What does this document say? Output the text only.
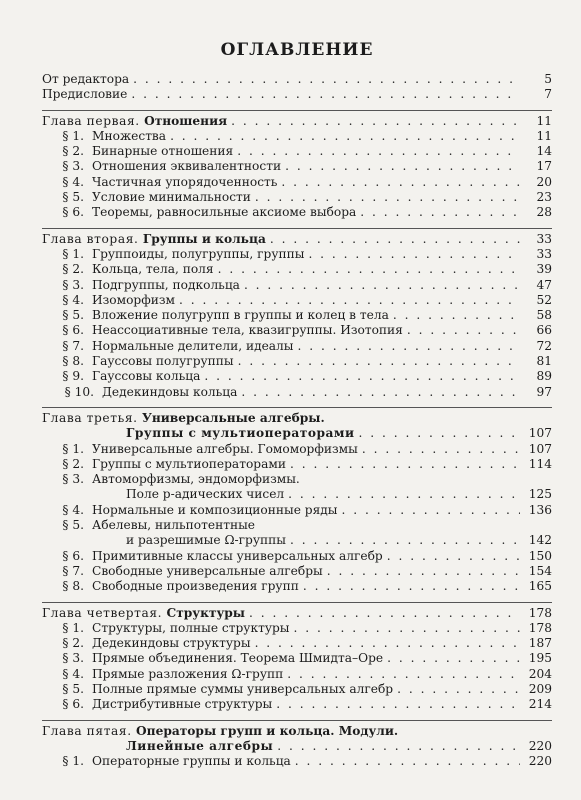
ОГЛАВЛЕНИЕ
От редактора . . .	5
Предисловие . . .	7
Глава первая. Отношения . . .	11
§ 1. Множества . . .	11
§ 2. Бинарные отношения . . .	14
§ 3. Отношения эквивалентности . . .	17
§ 4. Частичная упорядоченность . . .	20
§ 5. Условие минимальности . . .	23
§ 6. Теоремы, равносильные аксиоме выбора . . .	28
Глава вторая. Группы и кольца . . .	33
§ 1. Группоиды, полугруппы, группы . . .	33
§ 2. Кольца, тела, поля . . .	39
§ 3. Подгруппы, подкольца . . .	47
§ 4. Изоморфизм . . .	52
§ 5. Вложение полугрупп в группы и колец в тела . . .	58
§ 6. Неассоциативные тела, квазигруппы. Изотопия . . .	66
§ 7. Нормальные делители, идеалы . . .	72
§ 8. Гауссовы полугруппы . . .	81
§ 9. Гауссовы кольца . . .	89
§ 10. Дедекиндовы кольца . . .	97
Глава третья. Универсальные алгебры.
Группы с мультиоператорами . . .	107
§ 1. Универсальные алгебры. Гомоморфизмы . . .	107
§ 2. Группы с мультиоператорами . . .	114
§ 3. Автоморфизмы, эндоморфизмы.
Поле p-адических чисел . . .	125
§ 4. Нормальные и композиционные ряды . . .	136
§ 5. Абелевы, нильпотентные
и разрешимые Ω-группы . . .	142
§ 6. Примитивные классы универсальных алгебр . . .	150
§ 7. Свободные универсальные алгебры . . .	154
§ 8. Свободные произведения групп . . .	165
Глава четвертая. Структуры . . .	178
§ 1. Структуры, полные структуры . . .	178
§ 2. Дедекиндовы структуры . . .	187
§ 3. Прямые объединения. Теорема Шмидта–Оре . . .	195
§ 4. Прямые разложения Ω-групп . . .	204
§ 5. Полные прямые суммы универсальных алгебр . . .	209
§ 6. Дистрибутивные структуры . . .	214
Глава пятая. Операторы групп и кольца. Модули.
Линейные алгебры . . .	220
§ 1. Операторные группы и кольца . . .	220
